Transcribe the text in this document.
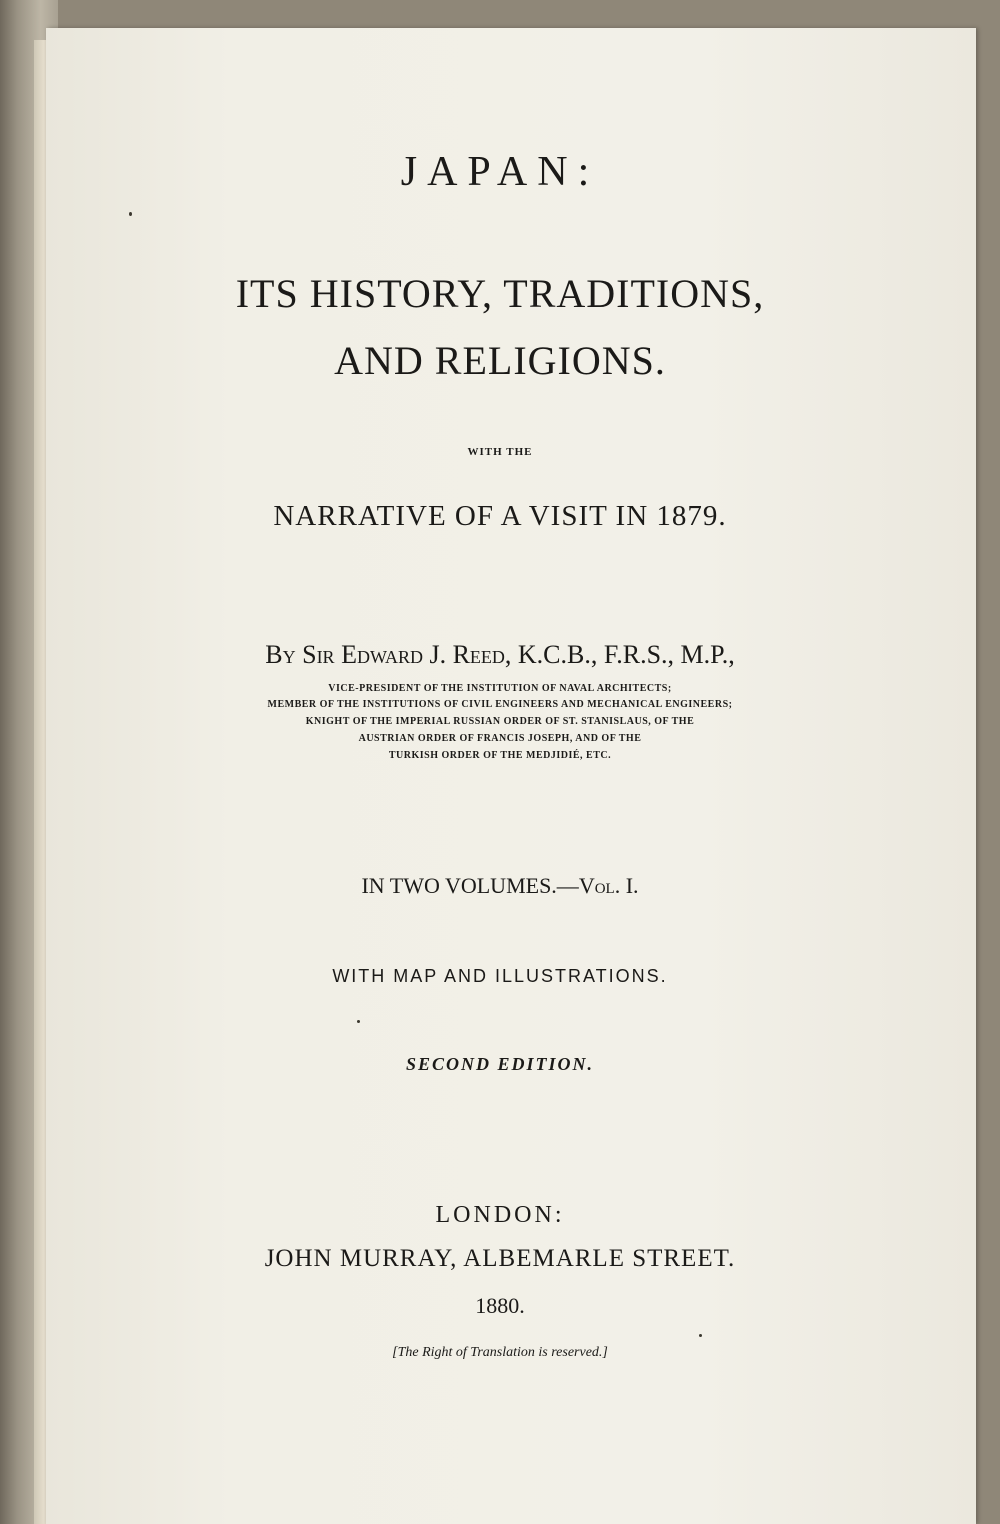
JAPAN:
ITS HISTORY, TRADITIONS,
AND RELIGIONS.
WITH THE
NARRATIVE OF A VISIT IN 1879.
By Sir Edward J. Reed, K.C.B., F.R.S., M.P.,
VICE-PRESIDENT OF THE INSTITUTION OF NAVAL ARCHITECTS;
MEMBER OF THE INSTITUTIONS OF CIVIL ENGINEERS AND MECHANICAL ENGINEERS;
KNIGHT OF THE IMPERIAL RUSSIAN ORDER OF ST. STANISLAUS, OF THE
AUSTRIAN ORDER OF FRANCIS JOSEPH, AND OF THE
TURKISH ORDER OF THE MEDJIDIÉ, ETC.
IN TWO VOLUMES.—Vol. I.
WITH MAP AND ILLUSTRATIONS.
SECOND EDITION.
LONDON:
JOHN MURRAY, ALBEMARLE STREET.
1880.
[The Right of Translation is reserved.]
